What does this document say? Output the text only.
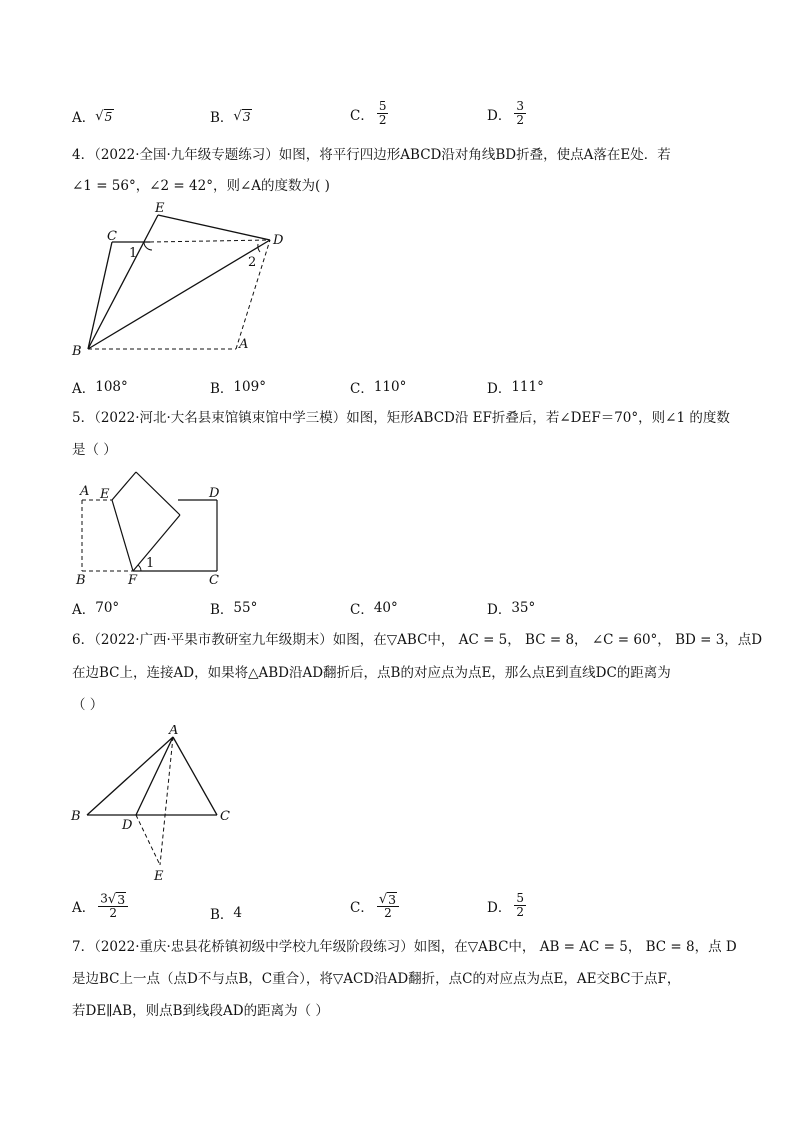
A． √ 5	B． √ 3	C． $\frac{5}{2}$	D． $\frac{3}{2}$
4．（2022·全国·九年级专题练习）如图，将平行四边形ABCD沿对角线BD折叠，使点A落在E处．若
∠1 = 56°，∠2 = 42°，则∠A的度数为( )
E
C	D
B	A
1
2
A． 108°	B． 109°	C． 110°	D． 111°
5．（2022·河北·大名县束馆镇束馆中学三模）如图，矩形ABCD沿 EF折叠后，若∠DEF＝70°，则∠1 的度数
是（ ）
A E	D
B	F	C
1
A． 70°	B． 55°	C． 40°	D． 35°
6．（2022·广西·平果市教研室九年级期末）如图，在▽ABC中， AC = 5， BC = 8， ∠C = 60°， BD = 3，点D
在边BC上，连接AD，如果将△ABD沿AD翻折后，点B的对应点为点E，那么点E到直线DC的距离为
（ ）
A
B	C
D
E
A． $\frac{3 √ 3}{2}$	B． 4	C． $\frac{√ 3}{2}$	D． $\frac{5}{2}$
7．（2022·重庆·忠县花桥镇初级中学校九年级阶段练习）如图，在▽ABC中， AB = AC = 5， BC = 8，点 D
是边BC上一点（点D不与点B，C重合），将▽ACD沿AD翻折，点C的对应点为点E，AE交BC于点F，
若DE∥AB，则点B到线段AD的距离为（ ）
